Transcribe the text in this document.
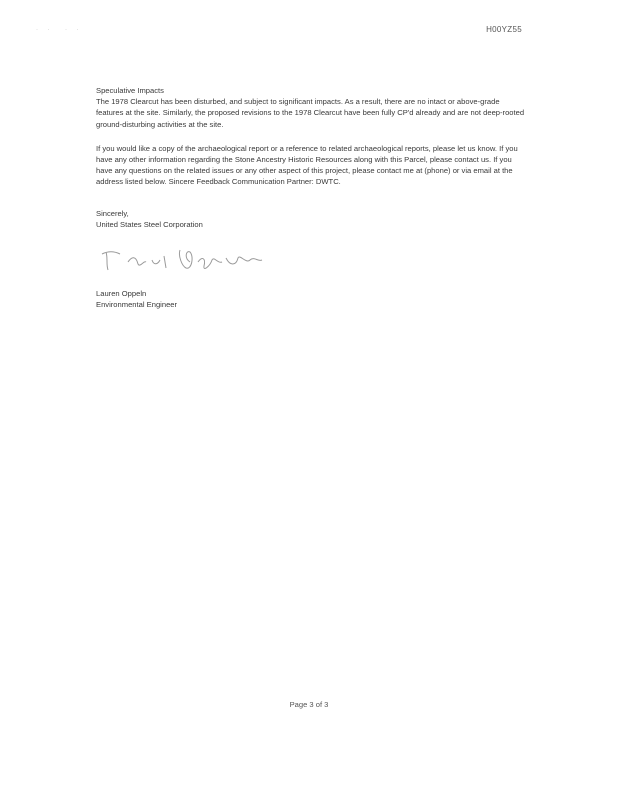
· ·  · ·	H00YZ55

Speculative Impacts

The 1978 Clearcut has been disturbed, and subject to significant impacts. As a result, there are no intact or above-grade features at the site. Similarly, the proposed revisions to the 1978 Clearcut have been fully CP'd already and are not deep-rooted ground-disturbing activities at the site.

If you would like a copy of the archaeological report or a reference to related archaeological reports, please let us know. If you have any other information regarding the Stone Ancestry Historic Resources along with this Parcel, please contact us. If you have any questions on the related issues or any other aspect of this project, please contact me at (phone) or via email at the address listed below. Sincere Feedback Communication Partner: DWTC.

Sincerely,

United States Steel Corporation

Lauren Oppeln

Environmental Engineer

Page 3 of 3
